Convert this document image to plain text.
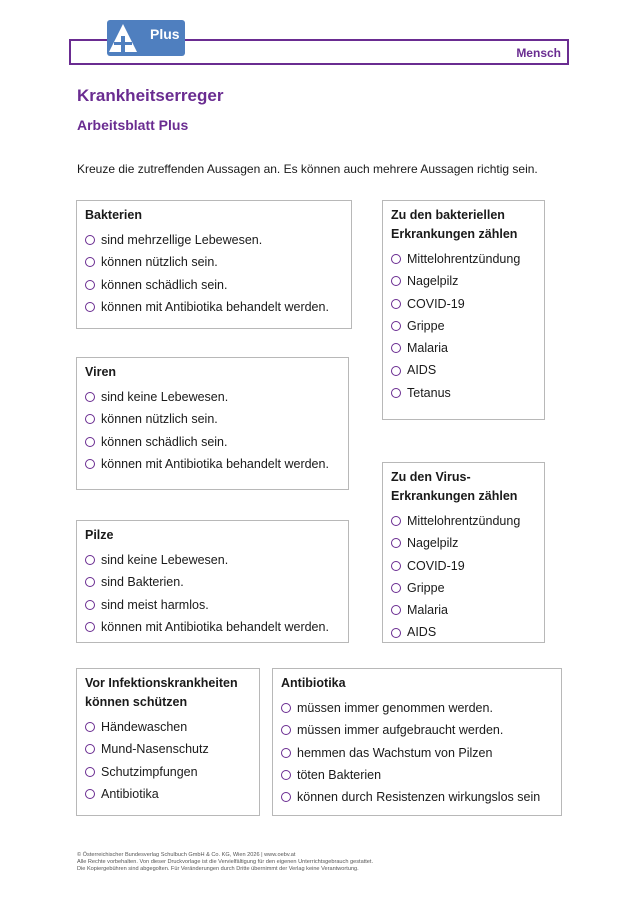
Mensch
Plus
Krankheitserreger
Arbeitsblatt Plus
Kreuze die zutreffenden Aussagen an. Es können auch mehrere Aussagen richtig sein.
Bakterien
sind mehrzellige Lebewesen.
können nützlich sein.
können schädlich sein.
können mit Antibiotika behandelt werden.
Viren
sind keine Lebewesen.
können nützlich sein.
können schädlich sein.
können mit Antibiotika behandelt werden.
Pilze
sind keine Lebewesen.
sind Bakterien.
sind meist harmlos.
können mit Antibiotika behandelt werden.
Zu den bakteriellen
Erkrankungen zählen
Mittelohrentzündung
Nagelpilz
COVID-19
Grippe
Malaria
AIDS
Tetanus
Zu den Virus-
Erkrankungen zählen
Mittelohrentzündung
Nagelpilz
COVID-19
Grippe
Malaria
AIDS
Vor Infektionskrankheiten
können schützen
Händewaschen
Mund-Nasenschutz
Schutzimpfungen
Antibiotika
Antibiotika
müssen immer genommen werden.
müssen immer aufgebraucht werden.
hemmen das Wachstum von Pilzen
töten Bakterien
können durch Resistenzen wirkungslos sein
© Österreichischer Bundesverlag Schulbuch GmbH & Co. KG, Wien 2026 | www.oebv.at
Alle Rechte vorbehalten. Von dieser Druckvorlage ist die Vervielfältigung für den eigenen Unterrichtsgebrauch gestattet.
Die Kopiergebühren sind abgegolten. Für Veränderungen durch Dritte übernimmt der Verlag keine Verantwortung.
